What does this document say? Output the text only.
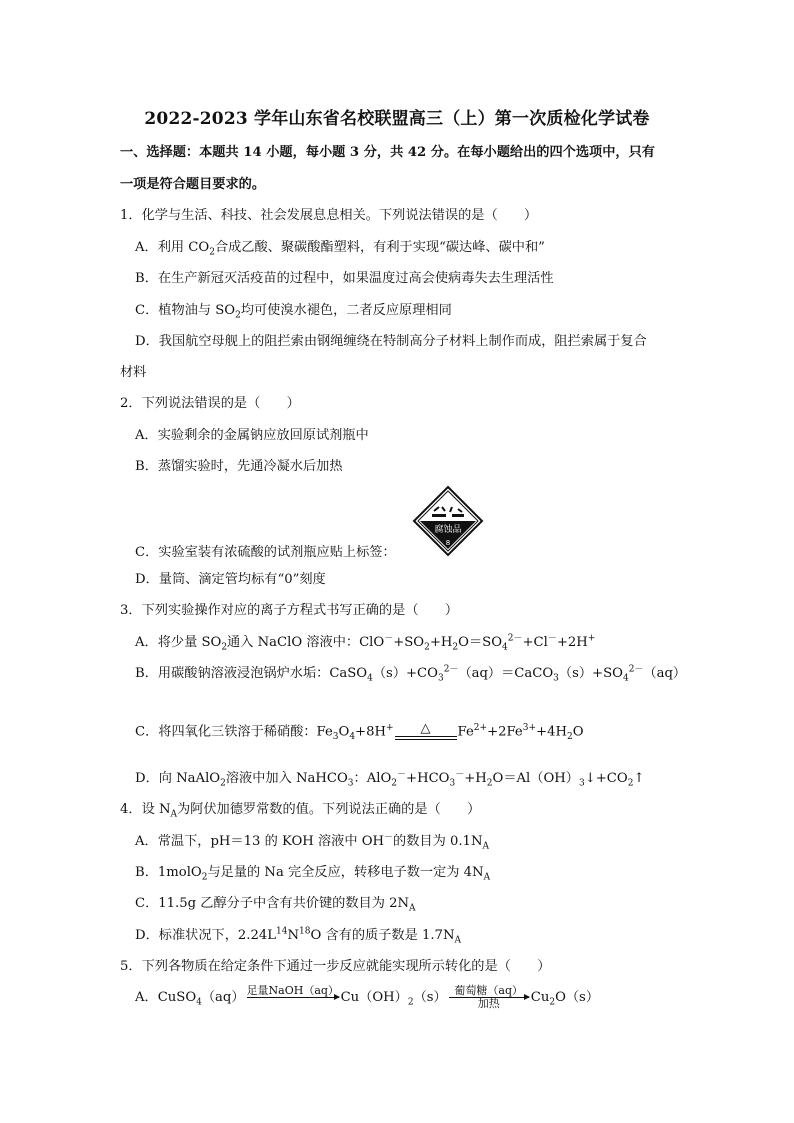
2022-2023 学年山东省名校联盟高三（上）第一次质检化学试卷
一、选择题：本题共 14 小题，每小题 3 分，共 42 分。在每小题给出的四个选项中，只有
一项是符合题目要求的。
1．化学与生活、科技、社会发展息息相关。下列说法错误的是（　　）
A．利用 $CO_2$合成乙酸、聚碳酸酯塑料，有利于实现“碳达峰、碳中和”
B．在生产新冠灭活疫苗的过程中，如果温度过高会使病毒失去生理活性
C．植物油与 $SO_2$均可使溴水褪色，二者反应原理相同
D．我国航空母舰上的阻拦索由钢绳缠绕在特制高分子材料上制作而成，阻拦索属于复合
材料
2．下列说法错误的是（　　）
A．实验剩余的金属钠应放回原试剂瓶中
B．蒸馏实验时，先通冷凝水后加热
腐蚀品
8
C．实验室装有浓硫酸的试剂瓶应贴上标签：
D．量筒、滴定管均标有“0”刻度
3．下列实验操作对应的离子方程式书写正确的是（　　）
A．将少量 $SO_2$通入 NaClO 溶液中：$ClO^-+SO_2+H_2O=SO_4^{2-}+Cl^-+2H^+$
B．用碳酸钠溶液浸泡锅炉水垢：$CaSO_4(s)+CO_3^{2-}(aq)=CaCO_3(s)+SO_4^{2-}(aq)$
C．将四氧化三铁溶于稀硝酸：$Fe_3O_4+8H^+$	△	$Fe^{2+}+2Fe^{3+}+4H_2O$
D．向 NaAlO$_2$溶液中加入 NaHCO$_3$：$AlO_2^-+HCO_3^-+H_2O=Al(OH)_3↓+CO_2↑$
4．设 $N_A$为阿伏加德罗常数的值。下列说法正确的是（　　）
A．常温下，pH＝13 的 KOH 溶液中 OH－的数目为 $0.1N_A$
B．1molO$_2$与足量的 Na 完全反应，转移电子数一定为 $4N_A$
C．11.5g 乙醇分子中含有共价键的数目为 $2N_A$
D．标准状况下，$2.24L^{14}N^{18}O$ 含有的质子数是 $1.7N_A$
5．下列各物质在给定条件下通过一步反应就能实现所示转化的是（　　）
A．CuSO$_4$（aq） 足量NaOH（aq）
$Cu(OH)_2(s)$ 葡萄糖（aq）
加热	$Cu_2O(s)$
